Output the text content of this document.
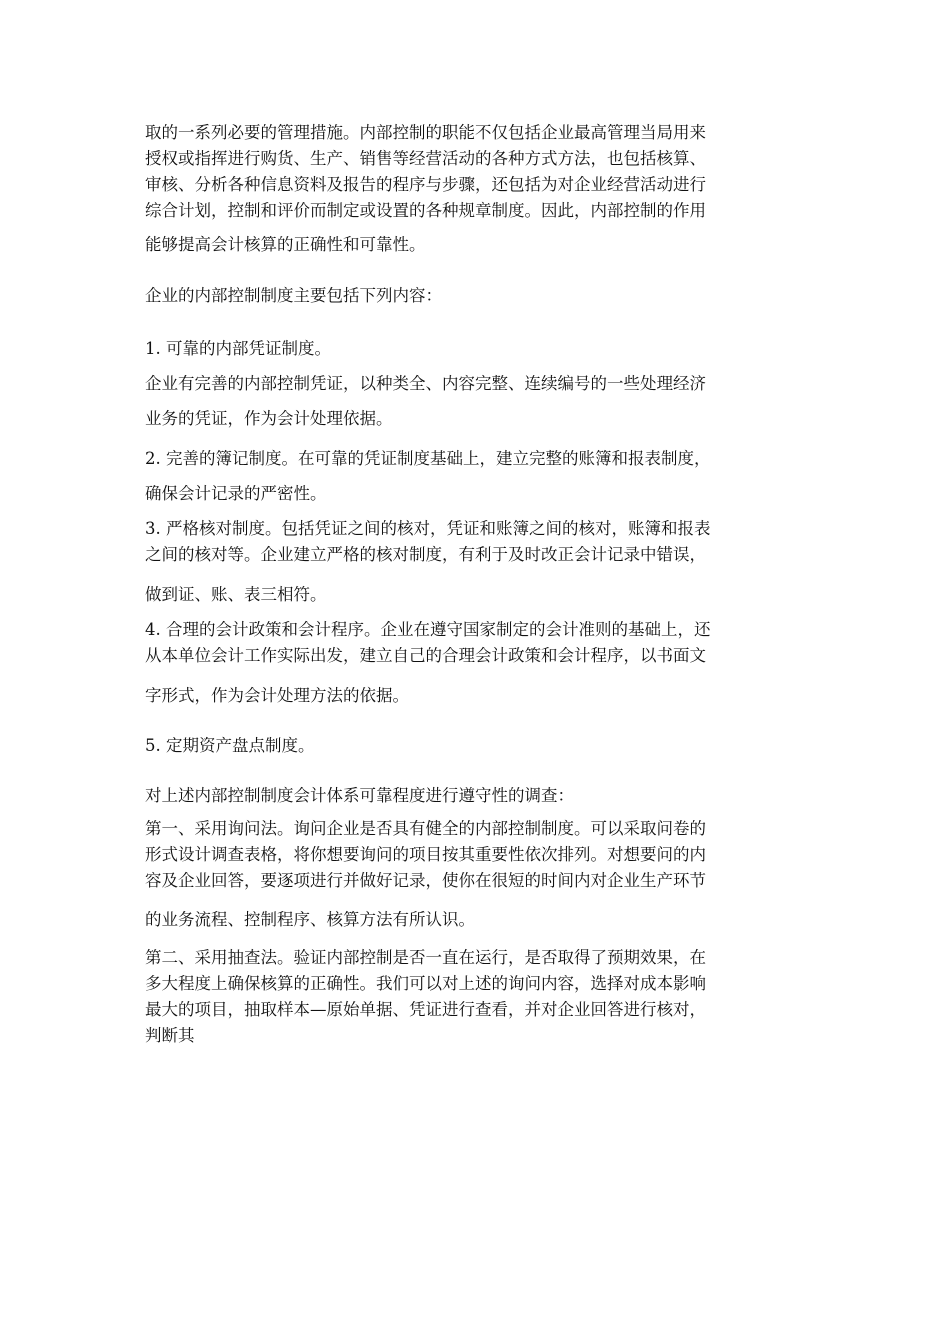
取的一系列必要的管理措施。内部控制的职能不仅包括企业最高管理当局用来
授权或指挥进行购货、生产、销售等经营活动的各种方式方法，也包括核算、
审核、分析各种信息资料及报告的程序与步骤，还包括为对企业经营活动进行
综合计划，控制和评价而制定或设置的各种规章制度。因此，内部控制的作用
能够提高会计核算的正确性和可靠性。
企业的内部控制制度主要包括下列内容：
1. 可靠的内部凭证制度。
企业有完善的内部控制凭证，以种类全、内容完整、连续编号的一些处理经济
业务的凭证，作为会计处理依据。
2. 完善的簿记制度。在可靠的凭证制度基础上，建立完整的账簿和报表制度，
确保会计记录的严密性。
3. 严格核对制度。包括凭证之间的核对，凭证和账簿之间的核对，账簿和报表
之间的核对等。企业建立严格的核对制度，有利于及时改正会计记录中错误，
做到证、账、表三相符。
4. 合理的会计政策和会计程序。企业在遵守国家制定的会计准则的基础上，还
从本单位会计工作实际出发，建立自己的合理会计政策和会计程序，以书面文
字形式，作为会计处理方法的依据。
5. 定期资产盘点制度。
对上述内部控制制度会计体系可靠程度进行遵守性的调查：
第一、采用询问法。询问企业是否具有健全的内部控制制度。可以采取问卷的
形式设计调查表格，将你想要询问的项目按其重要性依次排列。对想要问的内
容及企业回答，要逐项进行并做好记录，使你在很短的时间内对企业生产环节
的业务流程、控制程序、核算方法有所认识。
第二、采用抽查法。验证内部控制是否一直在运行，是否取得了预期效果，在
多大程度上确保核算的正确性。我们可以对上述的询问内容，选择对成本影响
最大的项目，抽取样本—原始单据、凭证进行查看，并对企业回答进行核对，
判断其
